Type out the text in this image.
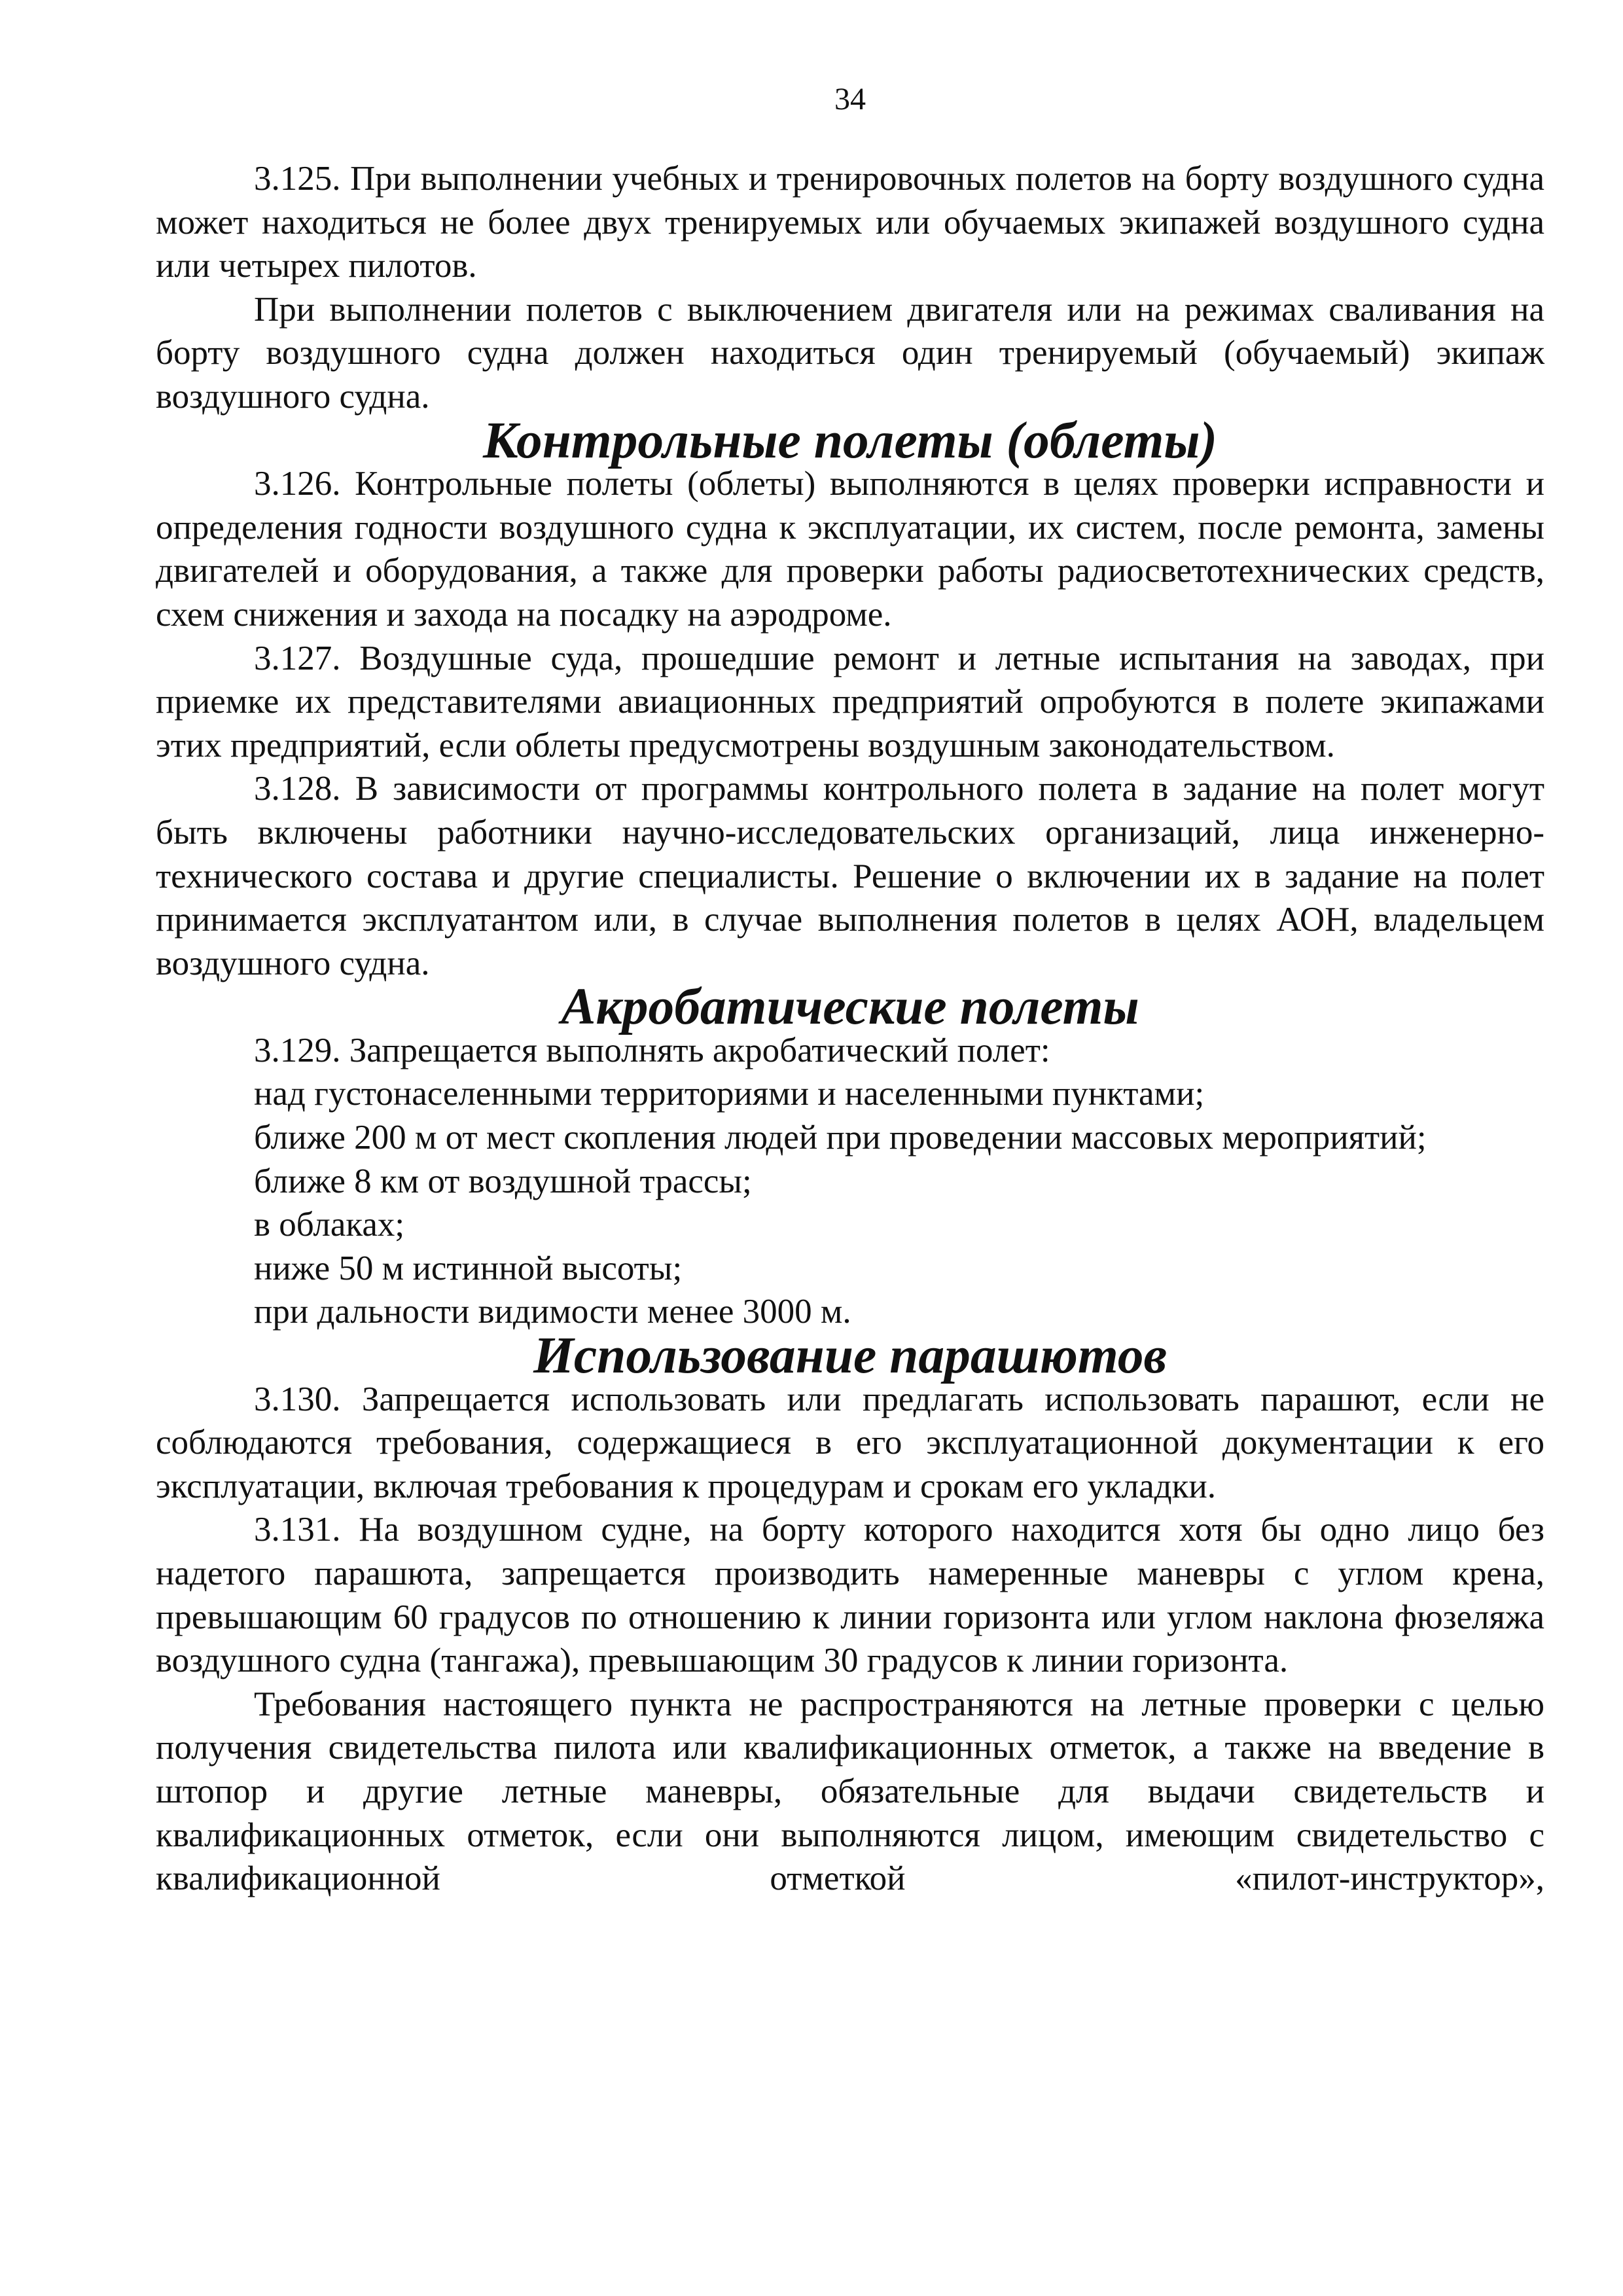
34

3.125. При выполнении учебных и тренировочных полетов на борту воздушного судна может находиться не более двух тренируемых или обучаемых экипажей воздушного судна или четырех пилотов.

При выполнении полетов с выключением двигателя или на режимах сваливания на борту воздушного судна должен находиться один тренируемый (обучаемый) экипаж воздушного судна.

Контрольные полеты (облеты)

3.126. Контрольные полеты (облеты) выполняются в целях проверки исправности и определения годности воздушного судна к эксплуатации, их систем, после ремонта, замены двигателей и оборудования, а также для проверки работы радиосветотехнических средств, схем снижения и захода на посадку на аэродроме.

3.127. Воздушные суда, прошедшие ремонт и летные испытания на заводах, при приемке их представителями авиационных предприятий опробуются в полете экипажами этих предприятий, если облеты предусмотрены воздушным законодательством.

3.128. В зависимости от программы контрольного полета в задание на полет могут быть включены работники научно-исследовательских организаций, лица инженерно-технического состава и другие специалисты. Решение о включении их в задание на полет принимается эксплуатантом или, в случае выполнения полетов в целях АОН, владельцем воздушного судна.

Акробатические полеты

3.129. Запрещается выполнять акробатический полет:

над густонаселенными территориями и населенными пунктами;

ближе 200 м от мест скопления людей при проведении массовых мероприятий;

ближе 8 км от воздушной трассы;

в облаках;

ниже 50 м истинной высоты;

при дальности видимости менее 3000 м.

Использование парашютов

3.130. Запрещается использовать или предлагать использовать парашют, если не соблюдаются требования, содержащиеся в его эксплуатационной документации к его эксплуатации, включая требования к процедурам и срокам его укладки.

3.131. На воздушном судне, на борту которого находится хотя бы одно лицо без надетого парашюта, запрещается производить намеренные маневры с углом крена, превышающим 60 градусов по отношению к линии горизонта или углом наклона фюзеляжа воздушного судна (тангажа), превышающим 30 градусов к линии горизонта.

Требования настоящего пункта не распространяются на летные проверки с целью получения свидетельства пилота или квалификационных отметок, а также на введение в штопор и другие летные маневры, обязательные для выдачи свидетельств и квалификационных отметок, если они выполняются лицом, имеющим свидетельство с квалификационной отметкой «пилот-инструктор»,
